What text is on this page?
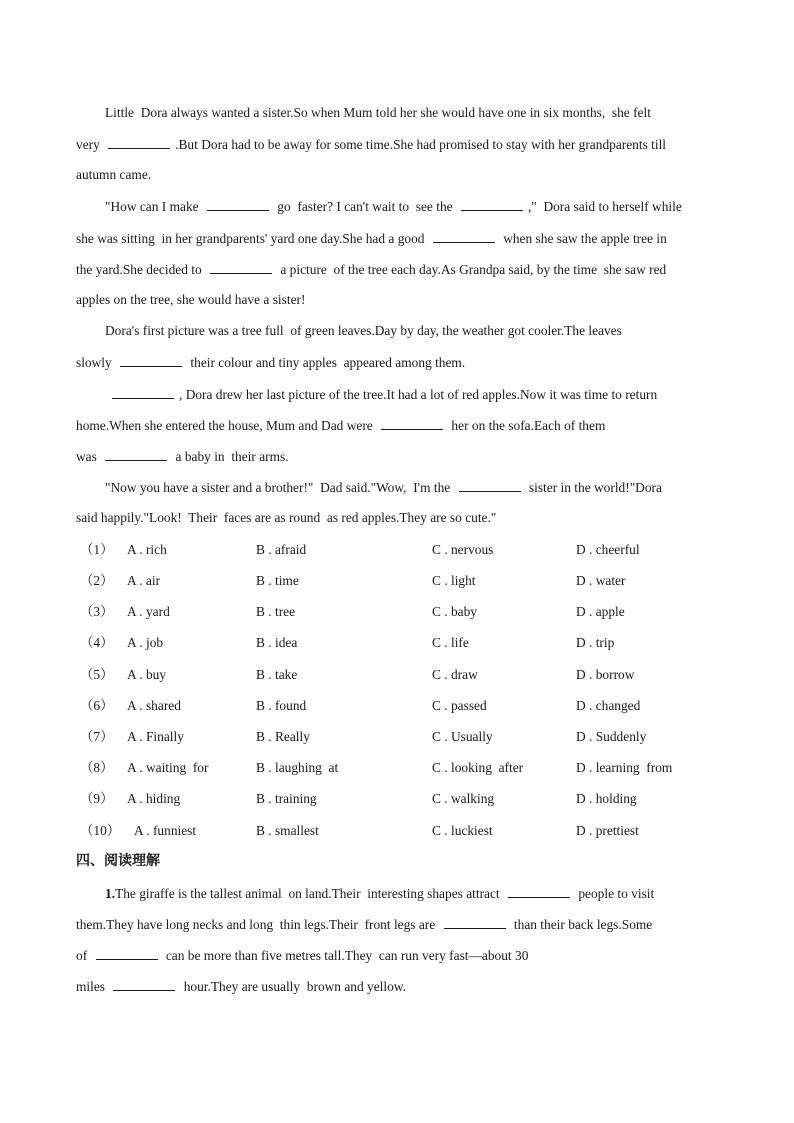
Little  Dora always wanted a sister.So when Mum told her she would have one in six months,  she felt
very	.But Dora had to be away for some time.She had promised to stay with her grandparents till
autumn came.
"How can I make	go  faster? I can't wait to  see the	,"  Dora said to herself while
she was sitting  in her grandparents' yard one day.She had a good	when she saw the apple tree in
the yard.She decided to	a picture  of the tree each day.As Grandpa said, by the time  she saw red
apples on the tree, she would have a sister!
Dora's first picture was a tree full  of green leaves.Day by day, the weather got cooler.The leaves
slowly	their colour and tiny apples  appeared among them.
, Dora drew her last picture of the tree.It had a lot of red apples.Now it was time to return
home.When she entered the house, Mum and Dad were	her on the sofa.Each of them
was	a baby in  their arms.
"Now you have a sister and a brother!"  Dad said."Wow,  I'm the	sister in the world!"Dora
said happily."Look!  Their  faces are as round  as red apples.They are so cute."
（1） A . rich	B . afraid	C . nervous	D . cheerful
（2） A . air	B . time	C . light	D . water
（3） A . yard	B . tree	C . baby	D . apple
（4） A . job	B . idea	C . life	D . trip
（5） A . buy	B . take	C . draw	D . borrow
（6） A . shared	B . found	C . passed	D . changed
（7） A . Finally	B . Really	C . Usually	D . Suddenly
（8） A . waiting  for	B . laughing  at	C . looking  after	D . learning  from
（9） A . hiding	B . training	C . walking	D . holding
（10） A . funniest	B . smallest	C . luckiest	D . prettiest
四、阅读理解
1.The giraffe is the tallest animal  on land.Their  interesting shapes attract	people to visit
them.They have long necks and long  thin legs.Their  front legs are	than their back legs.Some
of	can be more than five metres tall.They  can run very fast—about 30
miles	hour.They are usually  brown and yellow.
